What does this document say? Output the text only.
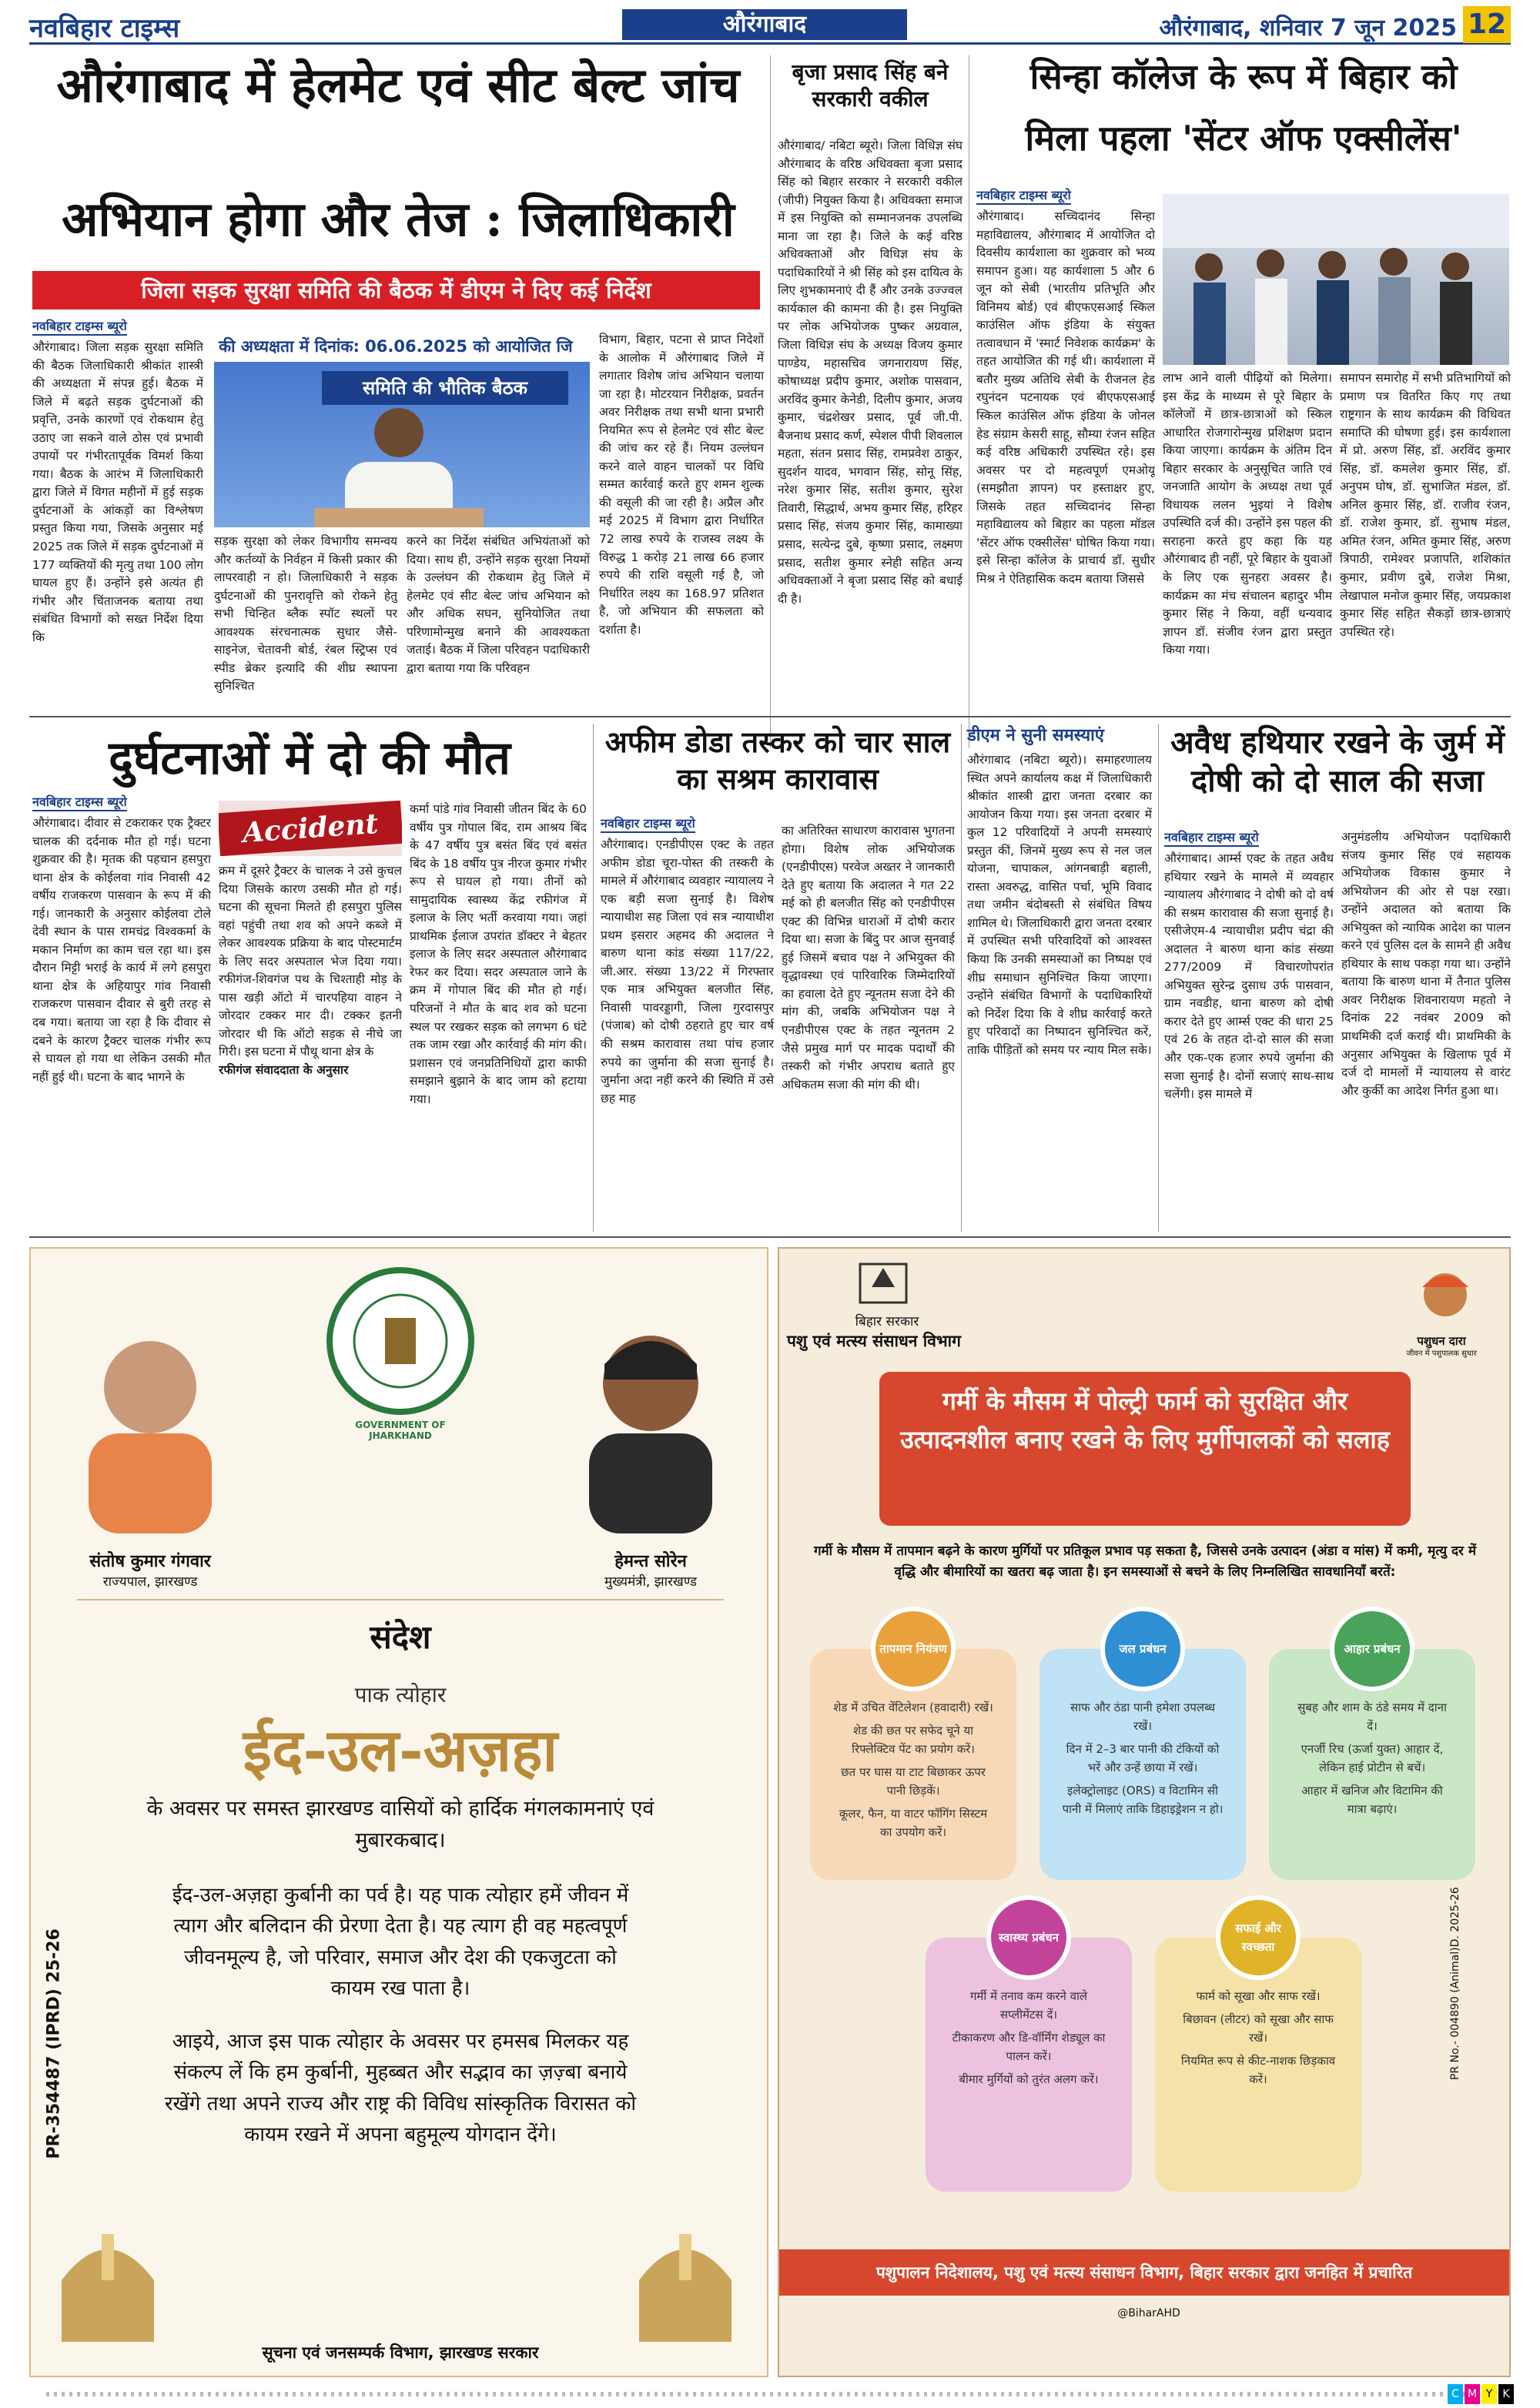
नवबिहार टाइम्स	औरंगाबाद	औरंगाबाद, शनिवार 7 जून 2025 12
औरंगाबाद में हेलमेट एवं सीट बेल्ट जांच
अभियान होगा और तेज : जिलाधिकारी
जिला सड़क सुरक्षा समिति की बैठक में डीएम ने दिए कई निर्देश
नवबिहार टाइम्स ब्यूरो

औरंगाबाद। जिला सड़क सुरक्षा समिति की बैठक जिलाधिकारी श्रीकांत शास्त्री की अध्यक्षता में संपन्न हुई। बैठक में जिले में बढ़ते सड़क दुर्घटनाओं की प्रवृत्ति, उनके कारणों एवं रोकथाम हेतु उठाए जा सकने वाले ठोस एवं प्रभावी उपायों पर गंभीरतापूर्वक विमर्श किया गया। बैठक के आरंभ में जिलाधिकारी द्वारा जिले में विगत महीनों में हुई सड़क दुर्घटनाओं के आंकड़ों का विश्लेषण प्रस्तुत किया गया, जिसके अनुसार मई 2025 तक जिले में सड़क दुर्घटनाओं में 177 व्यक्तियों की मृत्यु तथा 100 लोग घायल हुए हैं। उन्होंने इसे अत्यंत ही गंभीर और चिंताजनक बताया तथा संबंधित विभागों को सख्त निर्देश दिया कि

की अध्यक्षता में दिनांक: 06.06.2025 को आयोजित जि
समिति की भौतिक बैठक

सड़क सुरक्षा को लेकर विभागीय समन्वय और कर्तव्यों के निर्वहन में किसी प्रकार की लापरवाही न हो। जिलाधिकारी ने सड़क दुर्घटनाओं की पुनरावृत्ति को रोकने हेतु सभी चिन्हित ब्लैक स्पॉट स्थलों पर आवश्यक संरचनात्मक सुधार जैसे- साइनेज, चेतावनी बोर्ड, रंबल स्ट्रिप्स एवं स्पीड ब्रेकर इत्यादि की शीघ्र स्थापना सुनिश्चित

करने का निर्देश संबंधित अभियंताओं को दिया। साथ ही, उन्होंने सड़क सुरक्षा नियमों के उल्लंघन की रोकथाम हेतु जिले में हेलमेट एवं सीट बेल्ट जांच अभियान को और अधिक सघन, सुनियोजित तथा परिणामोन्मुख बनाने की आवश्यकता जताई। बैठक में जिला परिवहन पदाधिकारी द्वारा बताया गया कि परिवहन

विभाग, बिहार, पटना से प्राप्त निदेशों के आलोक में औरंगाबाद जिले में लगातार विशेष जांच अभियान चलाया जा रहा है। मोटरयान निरीक्षक, प्रवर्तन अवर निरीक्षक तथा सभी थाना प्रभारी नियमित रूप से हेलमेट एवं सीट बेल्ट की जांच कर रहे हैं। नियम उल्लंघन करने वाले वाहन चालकों पर विधि सम्मत कार्रवाई करते हुए शमन शुल्क की वसूली की जा रही है। अप्रैल और मई 2025 में विभाग द्वारा निर्धारित 72 लाख रुपये के राजस्व लक्ष्य के विरुद्ध 1 करोड़ 21 लाख 66 हजार रुपये की राशि वसूली गई है, जो निर्धारित लक्ष्य का 168.97 प्रतिशत है, जो अभियान की सफलता को दर्शाता है।

बृजा प्रसाद सिंह बने सरकारी वकील

औरंगाबाद/ नबिटा ब्यूरो। जिला विधिज्ञ संघ औरंगाबाद के वरिष्ठ अधिवक्ता बृजा प्रसाद सिंह को बिहार सरकार ने सरकारी वकील (जीपी) नियुक्त किया है। अधिवक्ता समाज में इस नियुक्ति को सम्मानजनक उपलब्धि माना जा रहा है। जिले के कई वरिष्ठ अधिवक्ताओं और विधिज्ञ संघ के पदाधिकारियों ने श्री सिंह को इस दायित्व के लिए शुभकामनाएं दी हैं और उनके उज्ज्वल कार्यकाल की कामना की है। इस नियुक्ति पर लोक अभियोजक पुष्कर अग्रवाल, जिला विधिज्ञ संघ के अध्यक्ष विजय कुमार पाण्डेय, महासचिव जगनारायण सिंह, कोषाध्यक्ष प्रदीप कुमार, अशोक पासवान, अरविंद कुमार केनेडी, दिलीप कुमार, अजय कुमार, चंद्रशेखर प्रसाद, पूर्व जी.पी. बैजनाथ प्रसाद कर्ण, स्पेशल पीपी शिवलाल महता, संतन प्रसाद सिंह, रामप्रवेश ठाकुर, सुदर्शन यादव, भगवान सिंह, सोनू सिंह, नरेश कुमार सिंह, सतीश कुमार, सुरेश तिवारी, सिद्धार्थ, अभय कुमार सिंह, हरिहर प्रसाद सिंह, संजय कुमार सिंह, कामाख्या प्रसाद, सत्येन्द्र दुबे, कृष्णा प्रसाद, लक्ष्मण प्रसाद, सतीश कुमार स्नेही सहित अन्य अधिवक्ताओं ने बृजा प्रसाद सिंह को बधाई दी है।

सिन्हा कॉलेज के रूप में बिहार को
मिला पहला 'सेंटर ऑफ एक्सीलेंस'
नवबिहार टाइम्स ब्यूरो

औरंगाबाद। सच्चिदानंद सिन्हा महाविद्यालय, औरंगाबाद में आयोजित दो दिवसीय कार्यशाला का शुक्रवार को भव्य समापन हुआ। यह कार्यशाला 5 और 6 जून को सेबी (भारतीय प्रतिभूति और विनिमय बोर्ड) एवं बीएफएसआई स्किल काउंसिल ऑफ इंडिया के संयुक्त तत्वावधान में 'स्मार्ट निवेशक कार्यक्रम' के तहत आयोजित की गई थी। कार्यशाला में बतौर मुख्य अतिथि सेबी के रीजनल हेड रघुनंदन पटनायक एवं बीएफएसआई स्किल काउंसिल ऑफ इंडिया के जोनल हेड संग्राम केसरी साहू, सौम्या रंजन सहित कई वरिष्ठ अधिकारी उपस्थित रहे। इस अवसर पर दो महत्वपूर्ण एमओयू (समझौता ज्ञापन) पर हस्ताक्षर हुए, जिसके तहत सच्चिदानंद सिन्हा महाविद्यालय को बिहार का पहला मॉडल 'सेंटर ऑफ एक्सीलेंस' घोषित किया गया। इसे सिन्हा कॉलेज के प्राचार्य डॉ. सुधीर मिश्र ने ऐतिहासिक कदम बताया जिससे

लाभ आने वाली पीढ़ियों को मिलेगा। इस केंद्र के माध्यम से पूरे बिहार के कॉलेजों में छात्र-छात्राओं को स्किल आधारित रोजगारोन्मुख प्रशिक्षण प्रदान किया जाएगा। कार्यक्रम के अंतिम दिन बिहार सरकार के अनुसूचित जाति एवं जनजाति आयोग के अध्यक्ष तथा पूर्व विधायक ललन भुइयां ने विशेष उपस्थिति दर्ज की। उन्होंने इस पहल की सराहना करते हुए कहा कि यह औरंगाबाद ही नहीं, पूरे बिहार के युवाओं के लिए एक सुनहरा अवसर है। कार्यक्रम का मंच संचालन बहादुर भीम कुमार सिंह ने किया, वहीं धन्यवाद ज्ञापन डॉ. संजीव रंजन द्वारा प्रस्तुत किया गया।

समापन समारोह में सभी प्रतिभागियों को प्रमाण पत्र वितरित किए गए तथा राष्ट्रगान के साथ कार्यक्रम की विधिवत समाप्ति की घोषणा हुई। इस कार्यशाला में प्रो. अरुण सिंह, डॉ. अरविंद कुमार सिंह, डॉ. कमलेश कुमार सिंह, डॉ. अनुपम घोष, डॉ. सुभाजित मंडल, डॉ. अनिल कुमार सिंह, डॉ. राजीव रंजन, डॉ. राजेश कुमार, डॉ. सुभाष मंडल, अमित रंजन, अमित कुमार सिंह, अरुण त्रिपाठी, रामेश्वर प्रजापति, शशिकांत कुमार, प्रवीण दुबे, राजेश मिश्रा, लेखापाल मनोज कुमार सिंह, जयप्रकाश कुमार सिंह सहित सैकड़ों छात्र-छात्राएं उपस्थित रहे।

दुर्घटनाओं में दो की मौत
नवबिहार टाइम्स ब्यूरो

औरंगाबाद। दीवार से टकराकर एक ट्रैक्टर चालक की दर्दनाक मौत हो गई। घटना शुक्रवार की है। मृतक की पहचान हसपुरा थाना क्षेत्र के कोईलवा गांव निवासी 42 वर्षीय राजकरण पासवान के रूप में की गई। जानकारी के अनुसार कोईलवा टोले देवी स्थान के पास रामचंद्र विश्वकर्मा के मकान निर्माण का काम चल रहा था। इस दौरान मिट्टी भराई के कार्य में लगे हसपुरा थाना क्षेत्र के अहियापुर गांव निवासी राजकरण पासवान दीवार से बुरी तरह से दब गया। बताया जा रहा है कि दीवार से दबने के कारण ट्रैक्टर चालक गंभीर रूप से घायल हो गया था लेकिन उसकी मौत नहीं हुई थी। घटना के बाद भागने के

Accident

क्रम में दूसरे ट्रैक्टर के चालक ने उसे कुचल दिया जिसके कारण उसकी मौत हो गई। घटना की सूचना मिलते ही हसपुरा पुलिस वहां पहुंची तथा शव को अपने कब्जे में लेकर आवश्यक प्रक्रिया के बाद पोस्टमार्टम के लिए सदर अस्पताल भेज दिया गया। रफीगंज-शिवगंज पथ के चिश्ताही मोड़ के पास खड़ी ऑटो में चारपहिया वाहन ने जोरदार टक्कर मार दी। टक्कर इतनी जोरदार थी कि ऑटो सड़क से नीचे जा गिरी। इस घटना में पौथू थाना क्षेत्र के

रफीगंज संवाददाता के अनुसार

कर्मा पांडे गांव निवासी जीतन बिंद के 60 वर्षीय पुत्र गोपाल बिंद, राम आश्रय बिंद के 47 वर्षीय पुत्र बसंत बिंद एवं बसंत बिंद के 18 वर्षीय पुत्र नीरज कुमार गंभीर रूप से घायल हो गया। तीनों को सामुदायिक स्वास्थ्य केंद्र रफीगंज में इलाज के लिए भर्ती करवाया गया। जहां प्राथमिक ईलाज उपरांत डॉक्टर ने बेहतर इलाज के लिए सदर अस्पताल औरंगाबाद रेफर कर दिया। सदर अस्पताल जाने के क्रम में गोपाल बिंद की मौत हो गई। परिजनों ने मौत के बाद शव को घटना स्थल पर रखकर सड़क को लगभग 6 घंटे तक जाम रखा और कार्रवाई की मांग की। प्रशासन एवं जनप्रतिनिधियों द्वारा काफी समझाने बुझाने के बाद जाम को हटाया गया।

अफीम डोडा तस्कर को चार साल का सश्रम कारावास
नवबिहार टाइम्स ब्यूरो

औरंगाबाद। एनडीपीएस एक्ट के तहत अफीम डोडा चूरा-पोस्त की तस्करी के मामले में औरंगाबाद व्यवहार न्यायालय ने एक बड़ी सजा सुनाई है। विशेष न्यायाधीश सह जिला एवं सत्र न्यायाधीश प्रथम इसरार अहमद की अदालत ने बारुण थाना कांड संख्या 117/22, जी.आर. संख्या 13/22 में गिरफ्तार एक मात्र अभियुक्त बलजीत सिंह, निवासी पावरड्डागी, जिला गुरदासपुर (पंजाब) को दोषी ठहराते हुए चार वर्ष की सश्रम कारावास तथा पांच हजार रुपये का जुर्माना की सजा सुनाई है। जुर्माना अदा नहीं करने की स्थिति में उसे छह माह

का अतिरिक्त साधारण कारावास भुगतना होगा। विशेष लोक अभियोजक (एनडीपीएस) परवेज अख्तर ने जानकारी देते हुए बताया कि अदालत ने गत 22 मई को ही बलजीत सिंह को एनडीपीएस एक्ट की विभिन्न धाराओं में दोषी करार दिया था। सजा के बिंदु पर आज सुनवाई हुई जिसमें बचाव पक्ष ने अभियुक्त की वृद्धावस्था एवं पारिवारिक जिम्मेदारियों का हवाला देते हुए न्यूनतम सजा देने की मांग की, जबकि अभियोजन पक्ष ने एनडीपीएस एक्ट के तहत न्यूनतम 2 जैसे प्रमुख मार्ग पर मादक पदार्थों की तस्करी को गंभीर अपराध बताते हुए अधिकतम सजा की मांग की थी।

डीएम ने सुनी समस्याएं

औरंगाबाद (नबिटा ब्यूरो)। समाहरणालय स्थित अपने कार्यालय कक्ष में जिलाधिकारी श्रीकांत शास्त्री द्वारा जनता दरबार का आयोजन किया गया। इस जनता दरबार में कुल 12 परिवादियों ने अपनी समस्याएं प्रस्तुत कीं, जिनमें मुख्य रूप से नल जल योजना, चापाकल, आंगनबाड़ी बहाली, रास्ता अवरुद्ध, वासित पर्चा, भूमि विवाद तथा जमीन बंदोबस्ती से संबंधित विषय शामिल थे। जिलाधिकारी द्वारा जनता दरबार में उपस्थित सभी परिवादियों को आश्वस्त किया कि उनकी समस्याओं का निष्पक्ष एवं शीघ्र समाधान सुनिश्चित किया जाएगा। उन्होंने संबंधित विभागों के पदाधिकारियों को निर्देश दिया कि वे शीघ्र कार्रवाई करते हुए परिवादों का निष्पादन सुनिश्चित करें, ताकि पीड़ितों को समय पर न्याय मिल सके।

अवैध हथियार रखने के जुर्म में दोषी को दो साल की सजा
नवबिहार टाइम्स ब्यूरो

औरंगाबाद। आर्म्स एक्ट के तहत अवैध हथियार रखने के मामले में व्यवहार न्यायालय औरंगाबाद ने दोषी को दो वर्ष की सश्रम कारावास की सजा सुनाई है। एसीजेएम-4 न्यायाधीश प्रदीप चंद्रा की अदालत ने बारुण थाना कांड संख्या 277/2009 में विचारणोपरांत अभियुक्त सुरेन्द्र दुसाध उर्फ पासवान, ग्राम नवडीह, थाना बारुण को दोषी करार देते हुए आर्म्स एक्ट की धारा 25 एवं 26 के तहत दो-दो साल की सजा और एक-एक हजार रुपये जुर्माना की सजा सुनाई है। दोनों सजाएं साथ-साथ चलेंगी। इस मामले में

अनुमंडलीय अभियोजन पदाधिकारी संजय कुमार सिंह एवं सहायक अभियोजक विकास कुमार ने अभियोजन की ओर से पक्ष रखा। उन्होंने अदालत को बताया कि अभियुक्त को न्यायिक आदेश का पालन करने एवं पुलिस दल के सामने ही अवैध हथियार के साथ पकड़ा गया था। उन्होंने बताया कि बारुण थाना में तैनात पुलिस अवर निरीक्षक शिवनारायण महतो ने दिनांक 22 नवंबर 2009 को प्राथमिकी दर्ज कराई थी। प्राथमिकी के अनुसार अभियुक्त के खिलाफ पूर्व में दर्ज दो मामलों में न्यायालय से वारंट और कुर्की का आदेश निर्गत हुआ था।

GOVERNMENT OF JHARKHAND
संतोष कुमार गंगवार
राज्यपाल, झारखण्ड
हेमन्त सोरेन
मुख्यमंत्री, झारखण्ड
संदेश
पाक त्योहार
ईद-उल-अज़हा
के अवसर पर समस्त झारखण्ड वासियों को हार्दिक मंगलकामनाएं एवं मुबारकबाद।
ईद-उल-अज़हा कुर्बानी का पर्व है। यह पाक त्योहार हमें जीवन में त्याग और बलिदान की प्रेरणा देता है। यह त्याग ही वह महत्वपूर्ण जीवनमूल्य है, जो परिवार, समाज और देश की एकजुटता को कायम रख पाता है।
आइये, आज इस पाक त्योहार के अवसर पर हमसब मिलकर यह संकल्प लें कि हम कुर्बानी, मुहब्बत और सद्भाव का ज़ज़्बा बनाये रखेंगे तथा अपने राज्य और राष्ट्र की विविध सांस्कृतिक विरासत को कायम रखने में अपना बहुमूल्य योगदान देंगे।
PR-354487 (IPRD) 25-26
सूचना एवं जनसम्पर्क विभाग, झारखण्ड सरकार
बिहार सरकार
पशु एवं मत्स्य संसाधन विभाग	पशुधन दारा
जीवन में पशुपालक सुधार
गर्मी के मौसम में पोल्ट्री फार्म को सुरक्षित और उत्पादनशील बनाए रखने के लिए मुर्गीपालकों को सलाह
गर्मी के मौसम में तापमान बढ़ने के कारण मुर्गियों पर प्रतिकूल प्रभाव पड़ सकता है, जिससे उनके उत्पादन (अंडा व मांस) में कमी, मृत्यु दर में वृद्धि और बीमारियों का खतरा बढ़ जाता है। इन समस्याओं से बचने के लिए निम्नलिखित सावधानियाँ बरतें:
तापमान नियंत्रण

शेड में उचित वेंटिलेशन (हवादारी) रखें।

शेड की छत पर सफेद चूने या रिफ्लेक्टिव पेंट का प्रयोग करें।

छत पर घास या टाट बिछाकर ऊपर पानी छिड़कें।

कूलर, फैन, या वाटर फॉगिंग सिस्टम का उपयोग करें।

जल प्रबंधन

साफ और ठंडा पानी हमेशा उपलब्ध रखें।

दिन में 2–3 बार पानी की टंकियों को भरें और उन्हें छाया में रखें।

इलेक्ट्रोलाइट (ORS) व विटामिन सी पानी में मिलाएं ताकि डिहाइड्रेशन न हो।

आहार प्रबंधन

सुबह और शाम के ठंडे समय में दाना दें।

एनर्जी रिच (ऊर्जा युक्त) आहार दें, लेकिन हाई प्रोटीन से बचें।

आहार में खनिज और विटामिन की मात्रा बढ़ाएं।

स्वास्थ्य प्रबंधन

गर्मी में तनाव कम करने वाले सप्लीमेंटस दें।

टीकाकरण और डि-वॉर्मिंग शेड्यूल का पालन करें।

बीमार मुर्गियों को तुरंत अलग करें।

सफाई और स्वच्छता

फार्म को सूखा और साफ रखें।

बिछावन (लीटर) को सूखा और साफ रखें।

नियमित रूप से कीट-नाशक छिड़काव करें।	PR No.- 004890 (Animal)D. 2025-26
पशुपालन निदेशालय, पशु एवं मत्स्य संसाधन विभाग, बिहार सरकार द्वारा जनहित में प्रचारित
@BiharAHD
C M Y K
